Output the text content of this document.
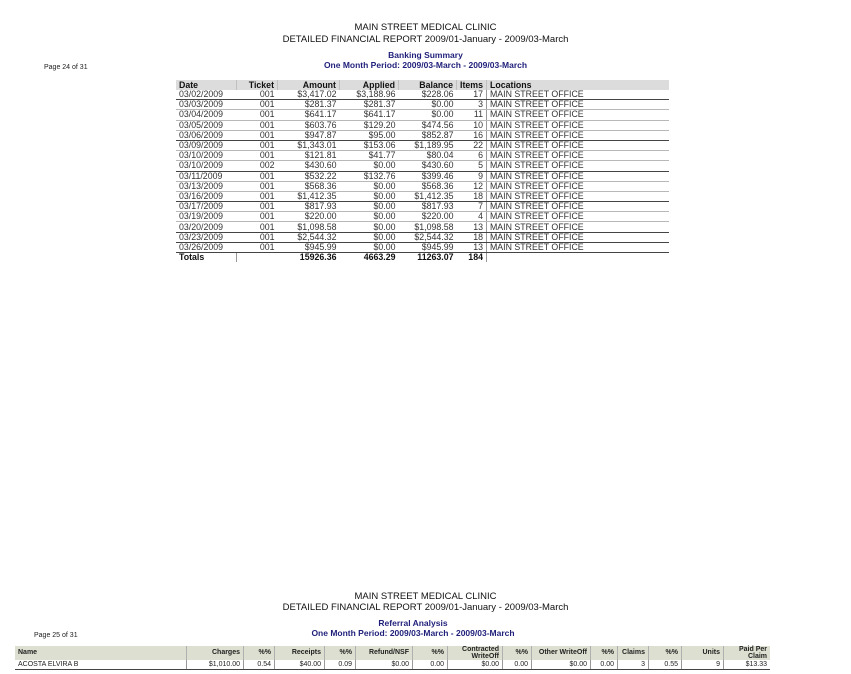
MAIN STREET MEDICAL CLINIC
DETAILED FINANCIAL REPORT 2009/01-January - 2009/03-March
Banking Summary
One Month Period: 2009/03-March - 2009/03-March
Page 24 of 31
Date	Ticket	Amount	Applied	Balance	Items	Locations
03/02/2009	001	$3,417.02	$3,188.96	$228.06	17	MAIN STREET OFFICE
03/03/2009	001	$281.37	$281.37	$0.00	3	MAIN STREET OFFICE
03/04/2009	001	$641.17	$641.17	$0.00	11	MAIN STREET OFFICE
03/05/2009	001	$603.76	$129.20	$474.56	10	MAIN STREET OFFICE
03/06/2009	001	$947.87	$95.00	$852.87	16	MAIN STREET OFFICE
03/09/2009	001	$1,343.01	$153.06	$1,189.95	22	MAIN STREET OFFICE
03/10/2009	001	$121.81	$41.77	$80.04	6	MAIN STREET OFFICE
03/10/2009	002	$430.60	$0.00	$430.60	5	MAIN STREET OFFICE
03/11/2009	001	$532.22	$132.76	$399.46	9	MAIN STREET OFFICE
03/13/2009	001	$568.36	$0.00	$568.36	12	MAIN STREET OFFICE
03/16/2009	001	$1,412.35	$0.00	$1,412.35	18	MAIN STREET OFFICE
03/17/2009	001	$817.93	$0.00	$817.93	7	MAIN STREET OFFICE
03/19/2009	001	$220.00	$0.00	$220.00	4	MAIN STREET OFFICE
03/20/2009	001	$1,098.58	$0.00	$1,098.58	13	MAIN STREET OFFICE
03/23/2009	001	$2,544.32	$0.00	$2,544.32	18	MAIN STREET OFFICE
03/26/2009	001	$945.99	$0.00	$945.99	13	MAIN STREET OFFICE
Totals		15926.36	4663.29	11263.07	184	
MAIN STREET MEDICAL CLINIC
DETAILED FINANCIAL REPORT 2009/01-January - 2009/03-March
Referral Analysis
One Month Period: 2009/03-March - 2009/03-March
Page 25 of 31
Name	Charges	%%	Receipts	%%	Refund/NSF	%%	Contracted WriteOff	%%	Other WriteOff	%%	Claims	%%	Units	Paid Per Claim
ACOSTA ELVIRA B	$1,010.00	0.54	$40.00	0.09	$0.00	0.00	$0.00	0.00	$0.00	0.00	3	0.55	9	$13.33
